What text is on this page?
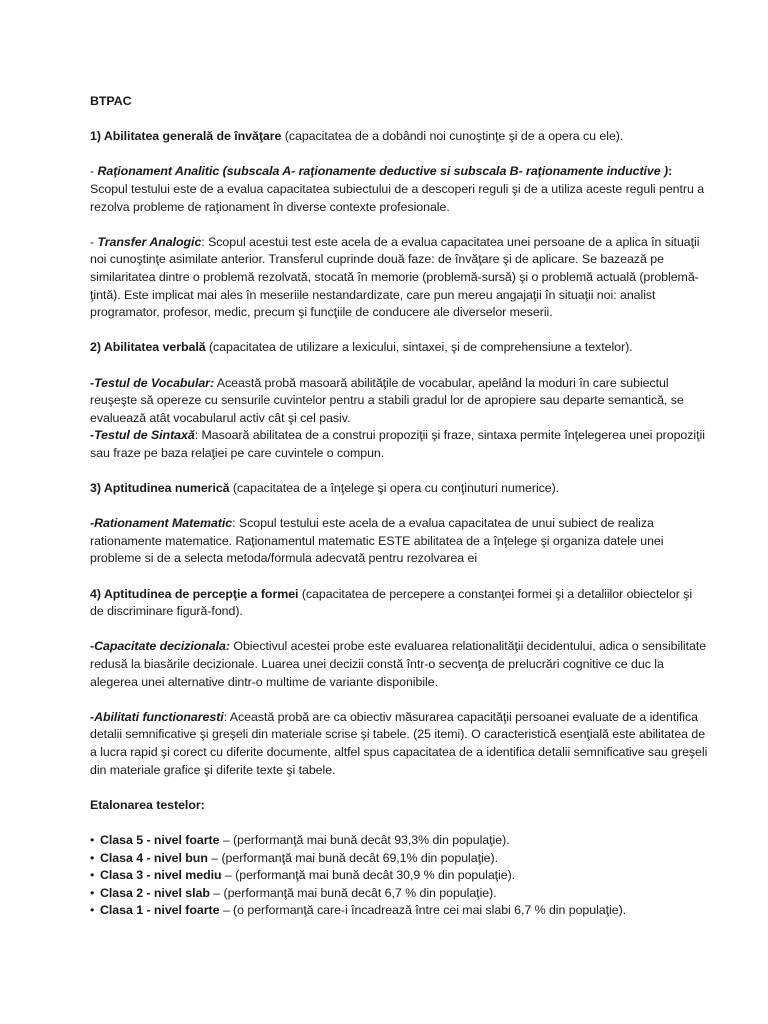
BTPAC

1) Abilitatea generală de învăţare (capacitatea de a dobândi noi cunoştinţe şi de a opera cu ele).

- Raţionament Analitic (subscala A- raţionamente deductive si subscala B- raţionamente inductive ): Scopul testului este de a evalua capacitatea subiectului de a descoperi reguli şi de a utiliza aceste reguli pentru a rezolva probleme de raţionament în diverse contexte profesionale.

- Transfer Analogic: Scopul acestui test este acela de a evalua capacitatea unei persoane de a aplica în situaţii noi cunoştinţe asimilate anterior. Transferul cuprinde două faze: de învăţare şi de aplicare. Se bazează pe similaritatea dintre o problemă rezolvată, stocată în memorie (problemă-sursă) şi o problemă actuală (problemă-ţintă). Este implicat mai ales în meseriile nestandardizate, care pun mereu angajaţii în situaţii noi: analist programator, profesor, medic, precum şi funcţiile de conducere ale diverselor meserii.

2) Abilitatea verbală (capacitatea de utilizare a lexicului, sintaxei, şi de comprehensiune a textelor).

-Testul de Vocabular: Această probă masoară abilităţile de vocabular, apelând la moduri în care subiectul reuşeşte să opereze cu sensurile cuvintelor pentru a stabili gradul lor de apropiere sau departe semantică, se evaluează atât vocabularul activ cât şi cel pasiv.

-Testul de Sintaxă: Masoară abilitatea de a construi propoziţii şi fraze, sintaxa permite înţelegerea unei propoziţii sau fraze pe baza relaţiei pe care cuvintele o compun.

3) Aptitudinea numerică (capacitatea de a înţelege şi opera cu conţinuturi numerice).

-Rationament Matematic: Scopul testului este acela de a evalua capacitatea de unui subiect de realiza rationamente matematice. Raţionamentul matematic ESTE abilitatea de a înţelege şi organiza datele unei probleme si de a selecta metoda/formula adecvată pentru rezolvarea ei

4) Aptitudinea de percepţie a formei (capacitatea de percepere a constanţei formei şi a detaliilor obiectelor şi de discriminare figură-fond).

-Capacitate decizionala: Obiectivul acestei probe este evaluarea relationalităţii decidentului, adica o sensibilitate redusă la biasările decizionale. Luarea unei decizii constă într-o secvenţa de prelucrări cognitive ce duc la alegerea unei alternative dintr-o multime de variante disponibile.

-Abilitati functionaresti: Această probă are ca obiectiv măsurarea capacităţii persoanei evaluate de a identifica detalii semnificative şi greşeli din materiale scrise şi tabele. (25 itemi). O caracteristică esenţială este abilitatea de a lucra rapid şi corect cu diferite documente, altfel spus capacitatea de a identifica detalii semnificative sau greşeli din materiale grafice şi diferite texte şi tabele.

Etalonarea testelor:

• Clasa 5 - nivel foarte – (performanţă mai bună decât 93,3% din populaţie).
• Clasa 4 - nivel bun – (performanţă mai bună decât 69,1% din populaţie).
• Clasa 3 - nivel mediu – (performanţă mai bună decât 30,9 % din populaţie).
• Clasa 2 - nivel slab – (performanţă mai bună decât 6,7 % din populaţie).
• Clasa 1 - nivel foarte – (o performanţă care-i încadrează între cei mai slabi 6,7 % din populaţie).
